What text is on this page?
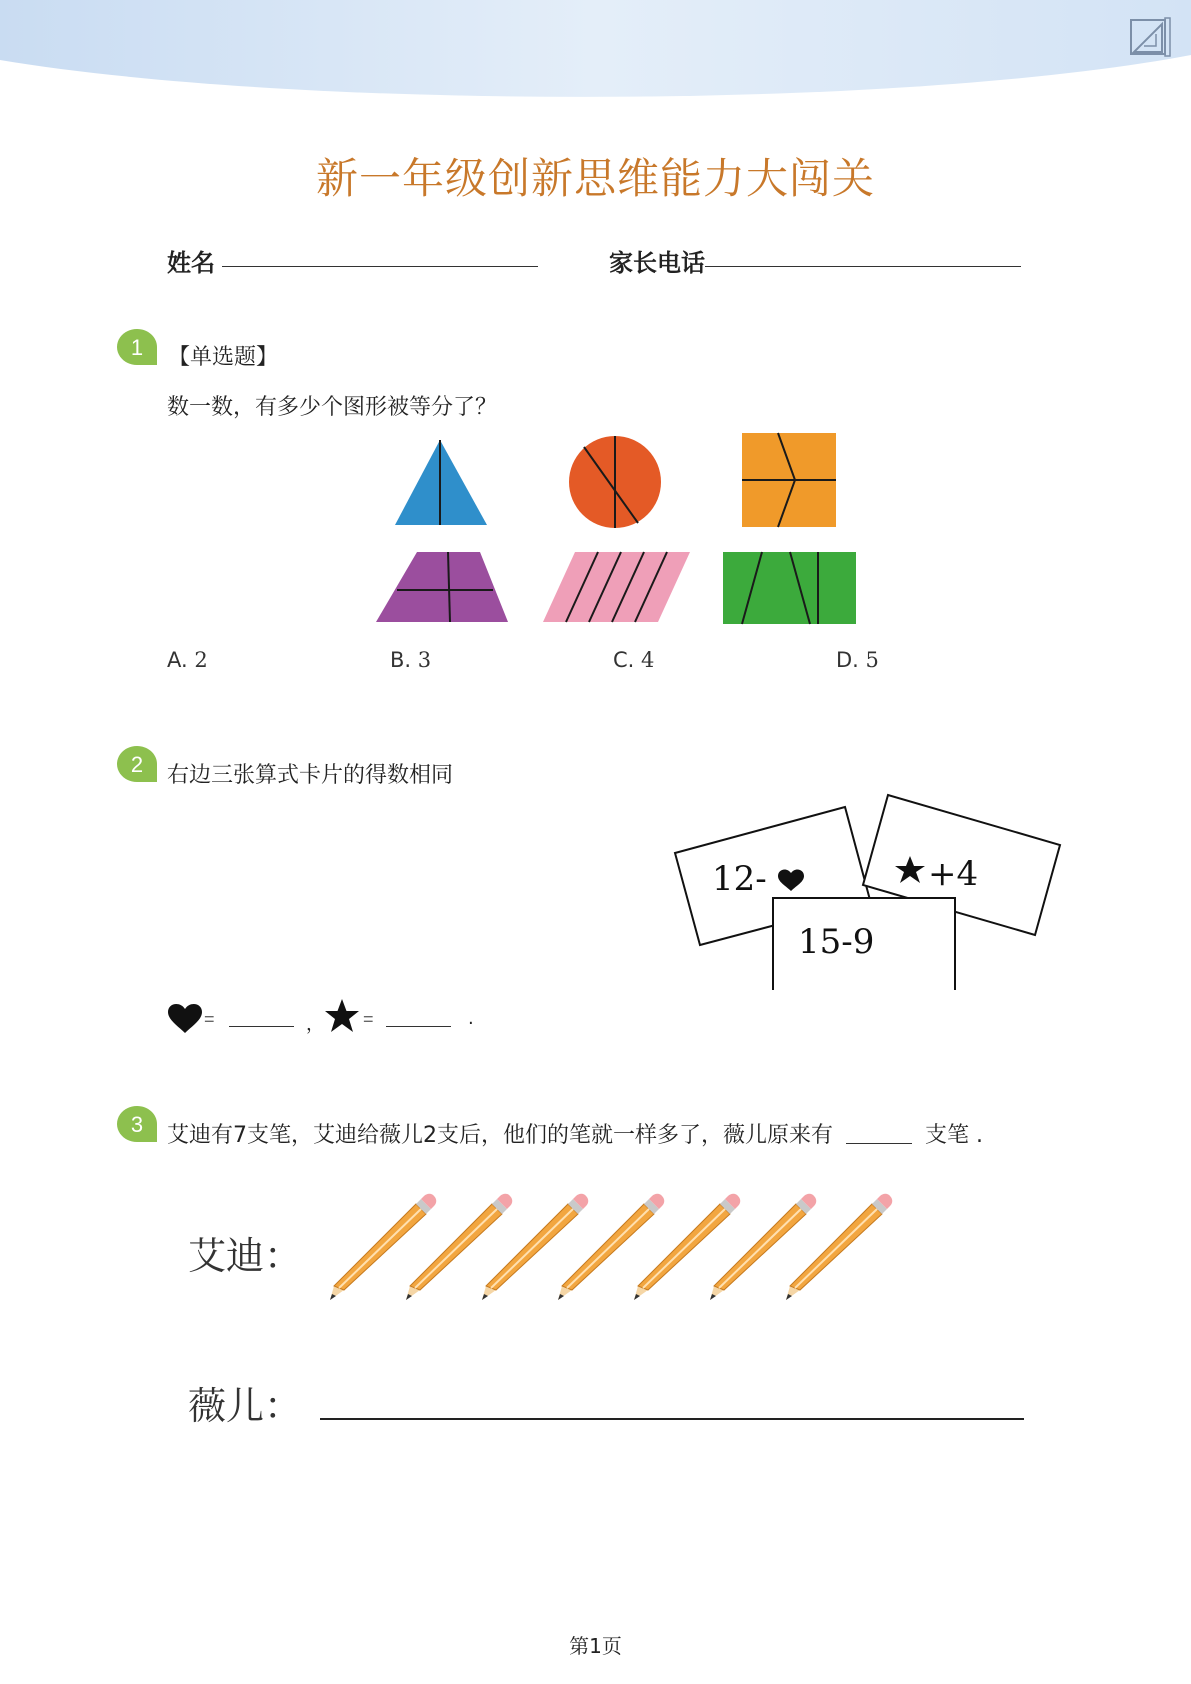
新一年级创新思维能力大闯关
姓名	家长电话
1 【单选题】
数一数，有多少个图形被等分了？
A. 2	B. 3	C. 4	D. 5
2 右边三张算式卡片的得数相同
12-	+4
15-9
=	， =	.
3 艾迪有7支笔，艾迪给薇儿2支后，他们的笔就一样多了，薇儿原来有	支笔 .
艾迪：
薇儿：
第1页
